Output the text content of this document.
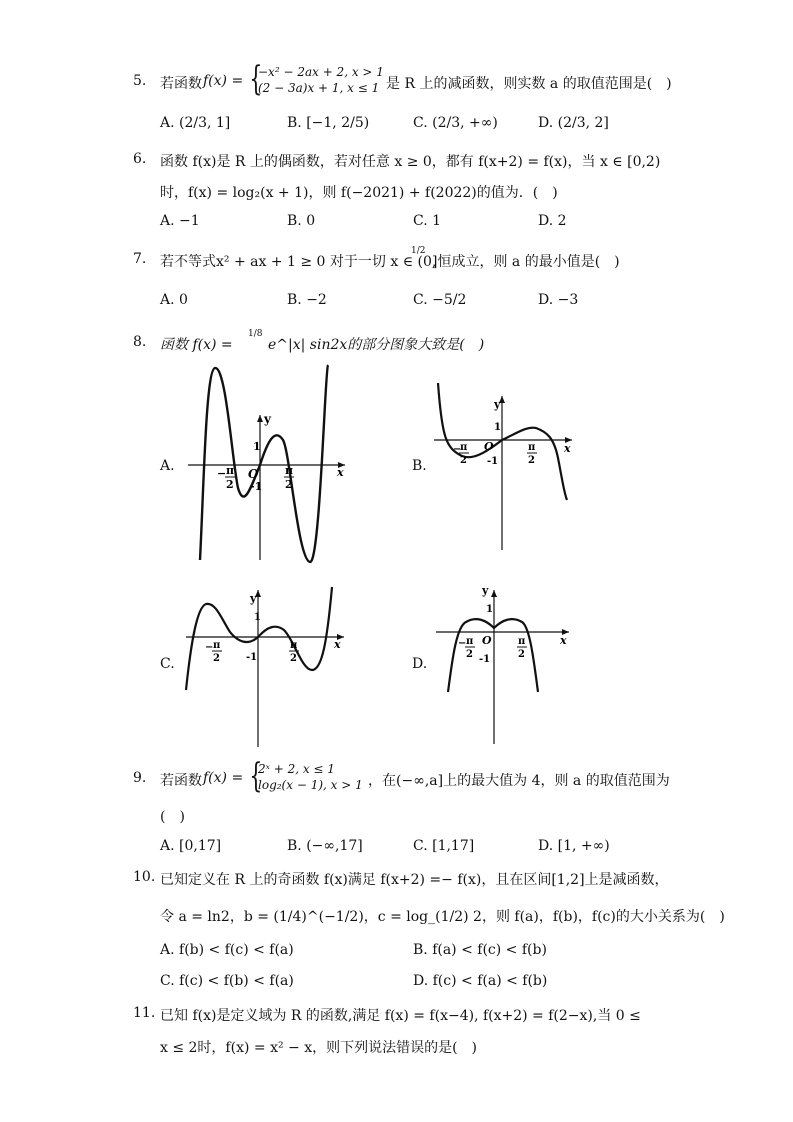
5. 若函数 f(x) = {
−x² − 2ax + 2, x > 1
(2 − 3a)x + 1, x ≤ 1 是 R 上的减函数，则实数 a 的取值范围是(　)
A. (2/3, 1]	B. [−1, 2/5)	C. (2/3, +∞)	D. (2/3, 2]
6. 函数 f(x)是 R 上的偶函数，若对任意 x ≥ 0，都有 f(x+2) = f(x)，当 x ∈ [0,2)
时，f(x) = log₂(x + 1)，则 f(−2021) + f(2022)的值为．(　)
A. −1	B. 0	C. 1	D. 2
7. 若不等式x² + ax + 1 ≥ 0 对于一切 x ∈ (0,
1/2
]恒成立，则 a 的最小值是(　)
A. 0	B. −2	C. −5/2	D. −3
8. 函数 f(x) =
1/8
e^|x| sin2x的部分图象大致是(　)
A.	B.
C.	D.
y
x
O
1
-1
− π
2
π
2
y
x
O
1
-1
−
π
2
π
2
y
x
1
-1
− π
2
π
2
y
x
O
1
-1
− π
2
π
2
9. 若函数 f(x) = {
2ˣ + 2, x ≤ 1
log₂(x − 1), x > 1 ，在(−∞,a]上的最大值为 4，则 a 的取值范围为
(　)
A. [0,17]	B. (−∞,17]	C. [1,17]	D. [1, +∞)
10. 已知定义在 R 上的奇函数 f(x)满足 f(x+2) =− f(x)，且在区间[1,2]上是减函数，
令 a = ln2，b = (1/4)^(−1/2)，c = log_(1/2) 2，则 f(a)，f(b)，f(c)的大小关系为(　)
A. f(b) < f(c) < f(a)	B. f(a) < f(c) < f(b)
C. f(c) < f(b) < f(a)	D. f(c) < f(a) < f(b)
11. 已知 f(x)是定义域为 R 的函数,满足 f(x) = f(x−4), f(x+2) = f(2−x),当 0 ≤
x ≤ 2时，f(x) = x² − x，则下列说法错误的是(　)
